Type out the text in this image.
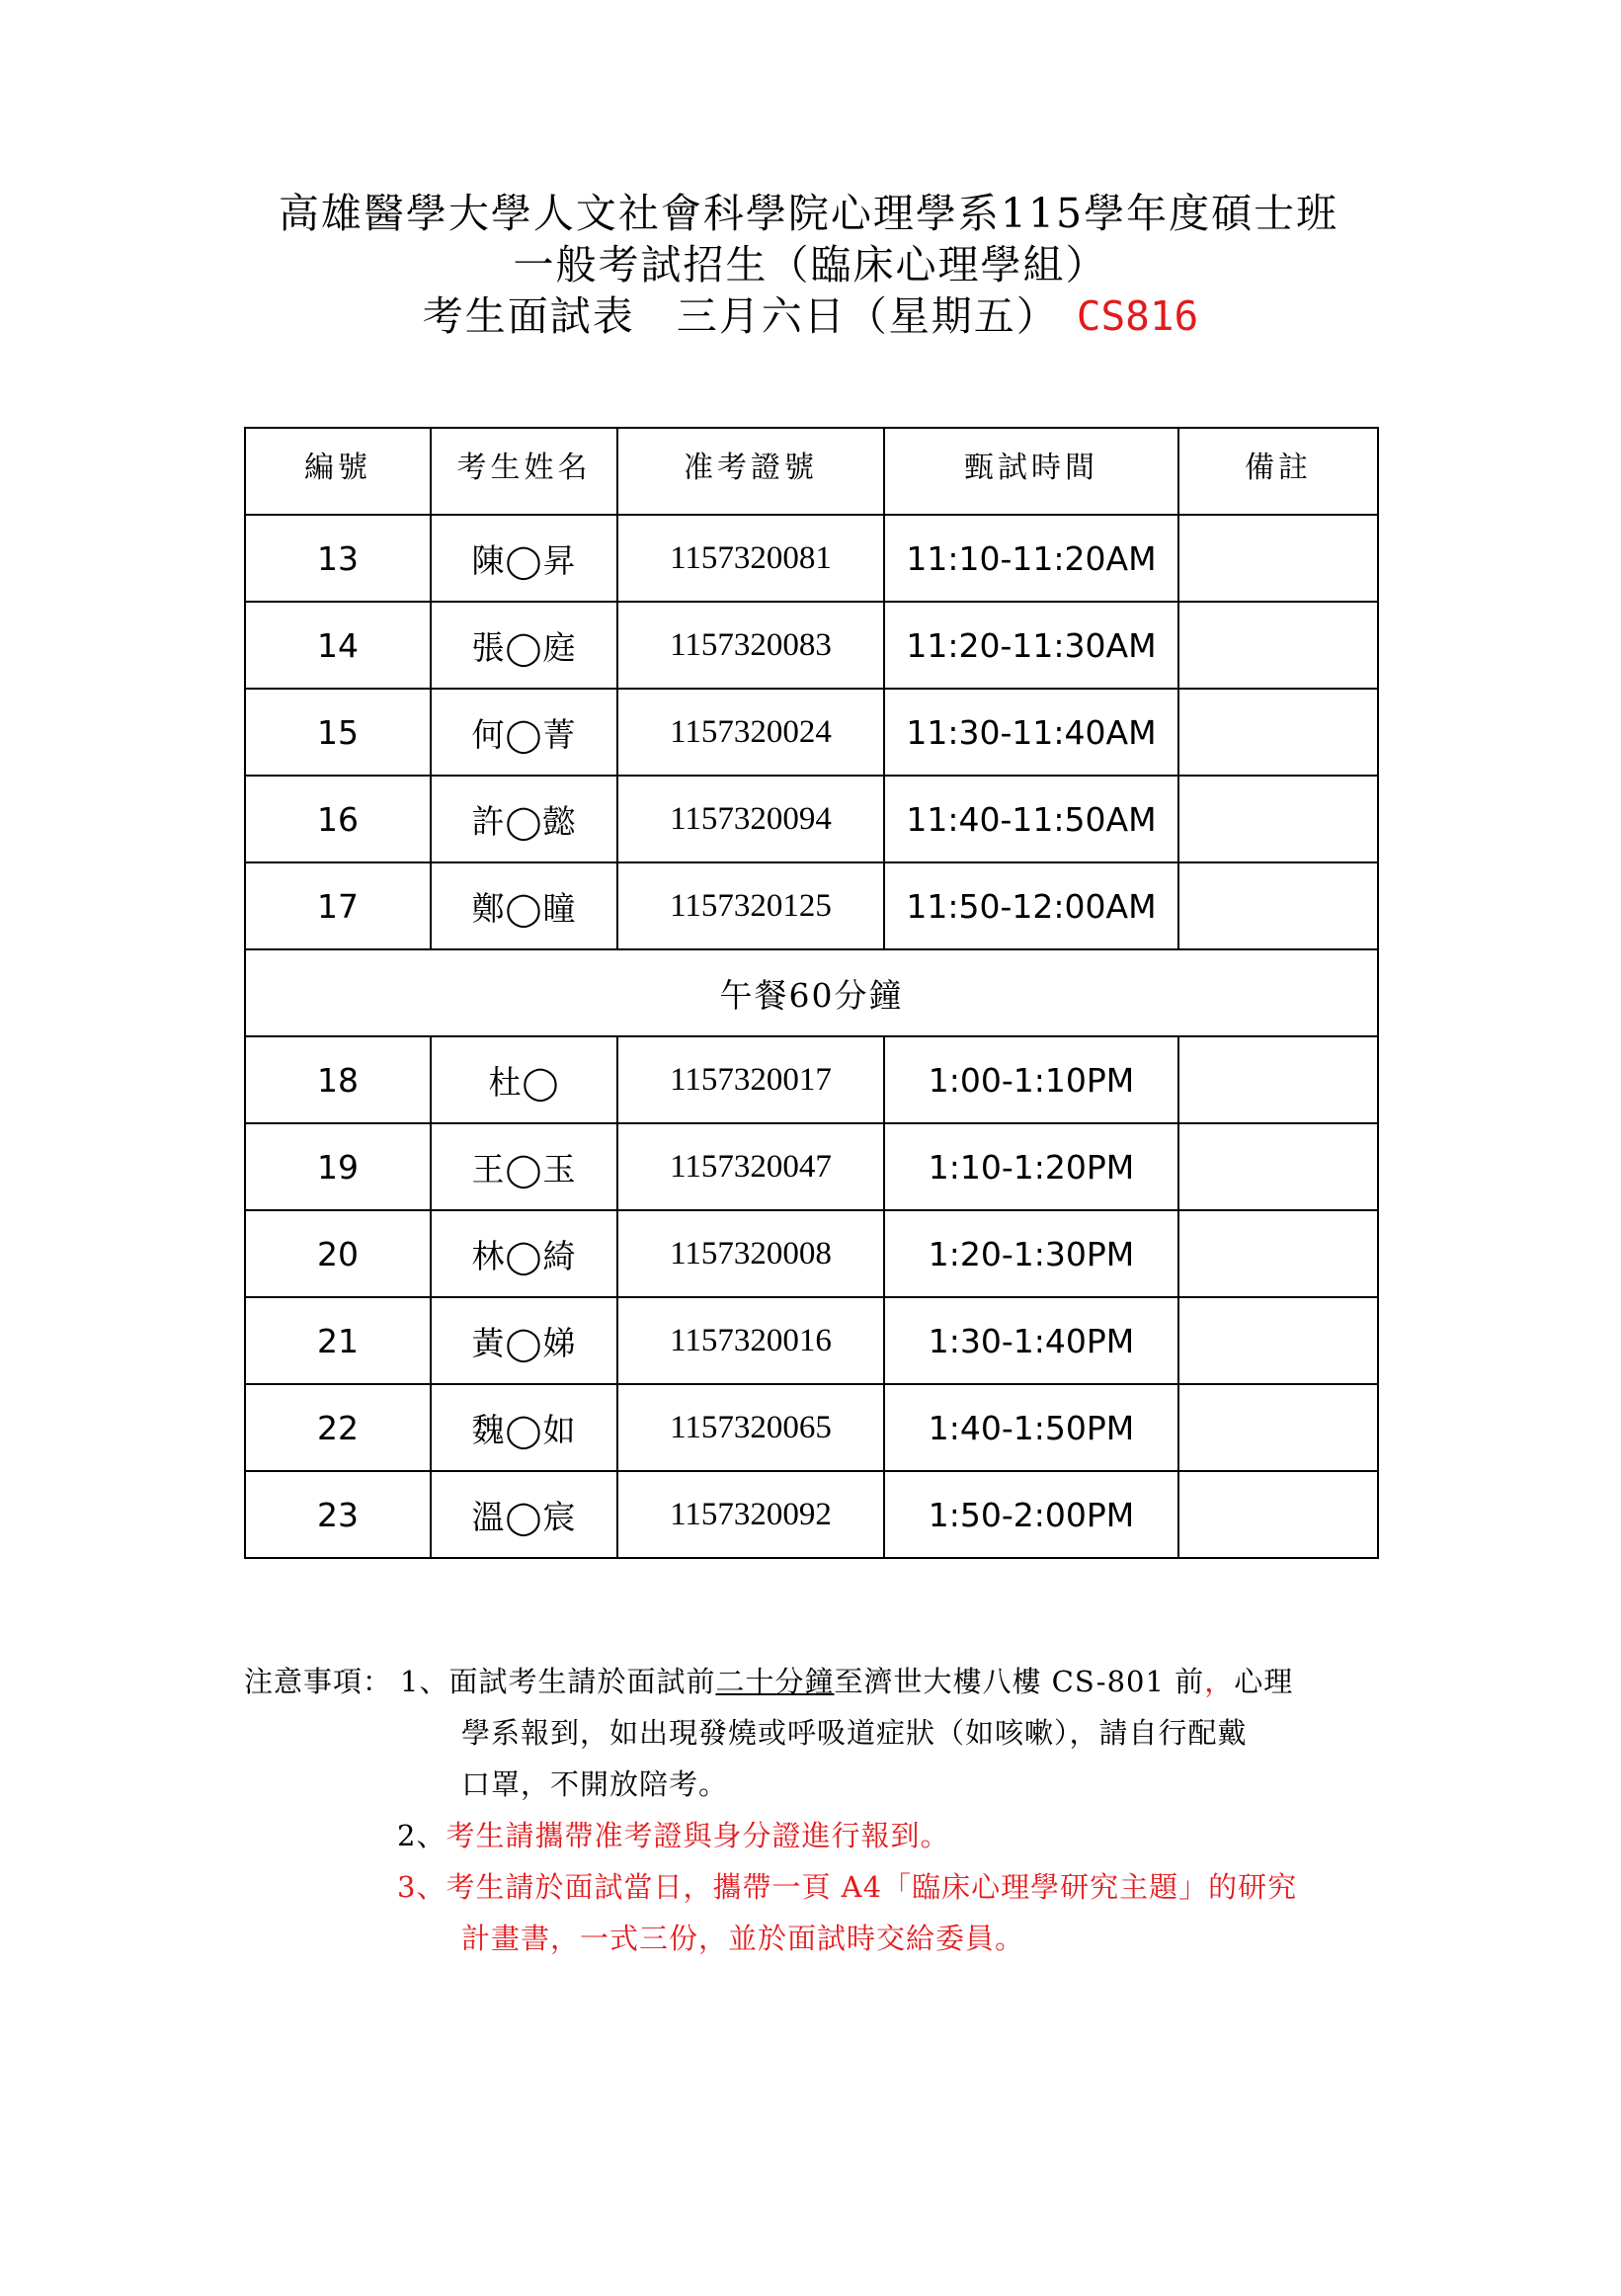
高雄醫學大學人文社會科學院心理學系115學年度碩士班
一般考試招生（臨床心理學組）
考生面試表 三月六日（星期五） CS816
編號	考生姓名	准考證號	甄試時間	備註
13	陳◯昇	1157320081	11:10-11:20AM	
14	張◯庭	1157320083	11:20-11:30AM	
15	何◯菁	1157320024	11:30-11:40AM	
16	許◯懿	1157320094	11:40-11:50AM	
17	鄭◯瞳	1157320125	11:50-12:00AM	
午餐60分鐘				
18	杜◯	1157320017	1:00-1:10PM	
19	王◯玉	1157320047	1:10-1:20PM	
20	林◯綺	1157320008	1:20-1:30PM	
21	黃◯娣	1157320016	1:30-1:40PM	
22	魏◯如	1157320065	1:40-1:50PM	
23	溫◯宸	1157320092	1:50-2:00PM	
注意事項： 1、面試考生請於面試前二十分鐘至濟世大樓八樓 CS-801 前，心理
學系報到，如出現發燒或呼吸道症狀（如咳嗽），請自行配戴
口罩，不開放陪考。
2、考生請攜帶准考證與身分證進行報到。
3、考生請於面試當日，攜帶一頁 A4「臨床心理學研究主題」的研究
計畫書，一式三份，並於面試時交給委員。
